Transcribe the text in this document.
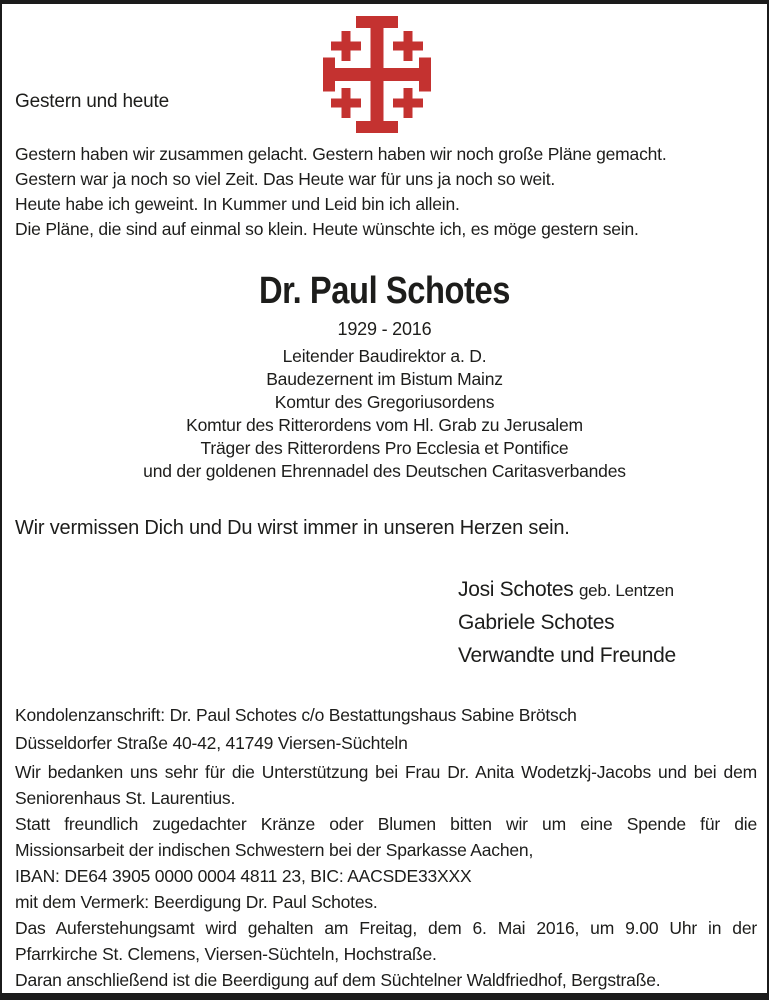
Gestern und heute
Gestern haben wir zusammen gelacht. Gestern haben wir noch große Pläne gemacht.
Gestern war ja noch so viel Zeit. Das Heute war für uns ja noch so weit.
Heute habe ich geweint. In Kummer und Leid bin ich allein.
Die Pläne, die sind auf einmal so klein. Heute wünschte ich, es möge gestern sein.
Dr. Paul Schotes
1929 - 2016
Leitender Baudirektor a. D.
Baudezernent im Bistum Mainz
Komtur des Gregoriusordens
Komtur des Ritterordens vom Hl. Grab zu Jerusalem
Träger des Ritterordens Pro Ecclesia et Pontifice
und der goldenen Ehrennadel des Deutschen Caritasverbandes
Wir vermissen Dich und Du wirst immer in unseren Herzen sein.
Josi Schotes geb. Lentzen
Gabriele Schotes
Verwandte und Freunde
Kondolenzanschrift: Dr. Paul Schotes c/o Bestattungshaus Sabine Brötsch
Düsseldorfer Straße 40-42, 41749 Viersen-Süchteln
Wir bedanken uns sehr für die Unterstützung bei Frau Dr. Anita Wodetzkj-Jacobs und bei dem
Seniorenhaus St. Laurentius.
Statt freundlich zugedachter Kränze oder Blumen bitten wir um eine Spende für die
Missionsarbeit der indischen Schwestern bei der Sparkasse Aachen,
IBAN: DE64 3905 0000 0004 4811 23, BIC: AACSDE33XXX
mit dem Vermerk: Beerdigung Dr. Paul Schotes.
Das Auferstehungsamt wird gehalten am Freitag, dem 6. Mai 2016, um 9.00 Uhr in der
Pfarrkirche St. Clemens, Viersen-Süchteln, Hochstraße.
Daran anschließend ist die Beerdigung auf dem Süchtelner Waldfriedhof, Bergstraße.
